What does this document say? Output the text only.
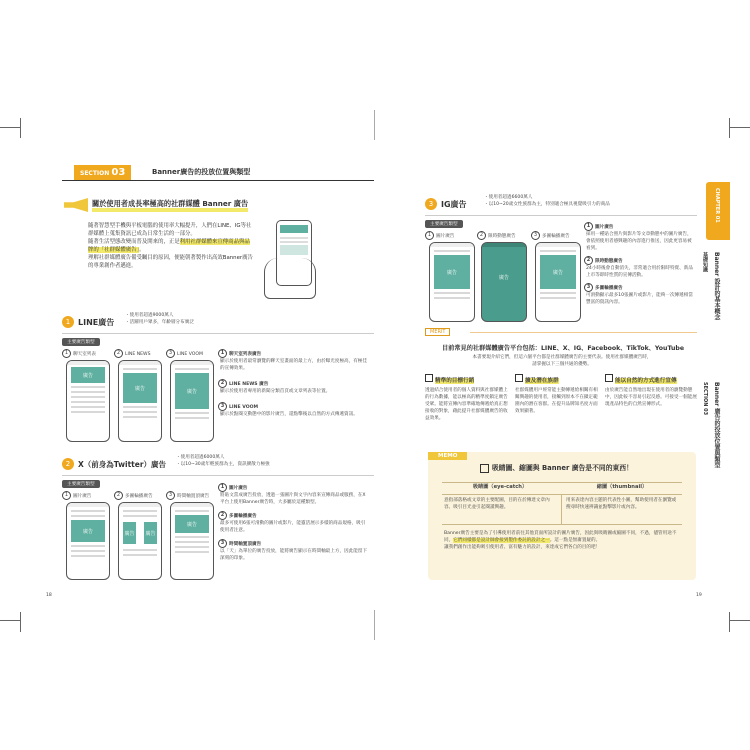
SECTION 03	Banner廣告的投放位置與類型
關於使用者成長率極高的社群媒體 Banner 廣告
隨著智慧型手機與平板電腦的使用率大幅提升，人們在LINE、IG等社群媒體上蒐集資訊已成為日常生活的一部分。
隨著生活型態改變而普及開來的，正是利用社群媒體來宣傳商品與品牌的「社群媒體廣告」。
理解社群媒體廣告備受矚目的原因，便能朝著製作出高效Banner廣告的專業創作者邁進。
1 LINE廣告
・使用者超過9000萬人
・活躍用戶眾多，年齡層分布廣泛
主要廣告類型
1 聊天室列表	2 LINE NEWS	3 LINE VOOM
廣告
廣告	廣告
1 聊天室列表廣告
顯示於使用者最常瀏覽的聊天室畫面的最上方，由於曝光度極高，有極佳的宣傳效果。
2 LINE NEWS 廣告
顯示於使用者專用的新聞分類首頁或文章列表等位置。
3 LINE VOOM
顯示於點閱交動態中的影片廣告，還點擊後以自然的方式傳遞資訊。
2	X（前身為Twitter）廣告
・使用者超過6000萬人
・以10~30歲年輕族群為主，資訊擴散力極強
主要廣告類型
1 圖片廣告	2 多圖輪播廣告	3 時間軸置頂廣告
廣告	廣告	廣告
廣告
1 圖片廣告
將貼文當成廣告投放，透過一張圖片與文字內容來宣傳商品或服務，在X平台上使用Banner廣告時，大多屬於這種類型。
2 多圖輪播廣告
最多可使用6張可滑動的圖片或影片，能靈活展示多樣的商品規格，吸引使用者注意。
3 時間軸置頂廣告
以「天」為單位的廣告投放，能將廣告顯示在時間軸最上方，因此能留下深刻的印象。
18
3 IG廣告
・使用者超過6600萬人
・以10~20歲女性族群為主，特別適合極具視覺吸引力的商品
主要廣告類型
1 圖片廣告	2 限時動態廣告	3 多圖輪播廣告
廣告
廣告
廣告
1 圖片廣告
採用一種貼合照片與影片等文章動態中的圖片廣告，會依照使用者感興趣的內容進行推送，因此更容易被看到。
2 限時動態廣告
24小時後會自動消失，非常適合用於限時特賣、新品上市等即時性質的宣傳活動。
3 多圖輪播廣告
可滑動顯示最多10張圖片或影片，能夠一次傳遞相當豐富的資訊內容。
MERIT
目前常見的社群媒體廣告平台包括：LINE、X、IG、Facebook、TikTok、YouTube
本書要現介紹它們，但這六個平台都是社群媒體廣告的主要代表。使用社群媒體廣告時，請掌握以下三個共通的優勢。
精準的目標行銷
透過結合使用者的個人資料與社群媒體上的行為數據，能以極高的精準度鎖定廣告受眾。能將宣傳內容準確地傳遞給真正想接收的對象，藉此提升社群媒體廣告的收益效果。
擴及潛在族群
社群媒體用戶經常能主動傳遞給相關有相關興趣的使用者，接觸到原本不在鎖定範圍內的潛在客群。在提升品牌知名度方面效果顯著。
能以自然的方式進行宣傳
由於廣告能自然地出現在使用者的瀏覽動態中，因此較不容易引起反感。可接受一個能展現產品特色的自然宣傳形式。
MEMO
吸睛圖、縮圖與 Banner 廣告是不同的東西！
吸睛圖（eye-catch）	縮圖（thumbnail）
意指部落格或文章的主要配圖，目的在於傳達文章內容、吸引目光並引起閱讀興趣。
用來表達內容主題的代表性小圖，幫助使用者在瀏覽或搜尋時快速辨識並點擊影片或內容。
Banner廣告主要是為了引導使用者前往其他頁面所設計的圖片廣告，因此與吸睛圖或縮圖不同，不過，儘管用途不同，它們同樣都是設計師會接到製作委託的設計之一。這一點是無庸置疑的。
讓我們創作出能夠吸引使用者、富有魅力的設計，來達成它們各自的目的吧！
19
CHAPTER 01
基礎知識 Banner 設計的基本概念
SECTION 03 Banner 廣告的投放位置與類型
